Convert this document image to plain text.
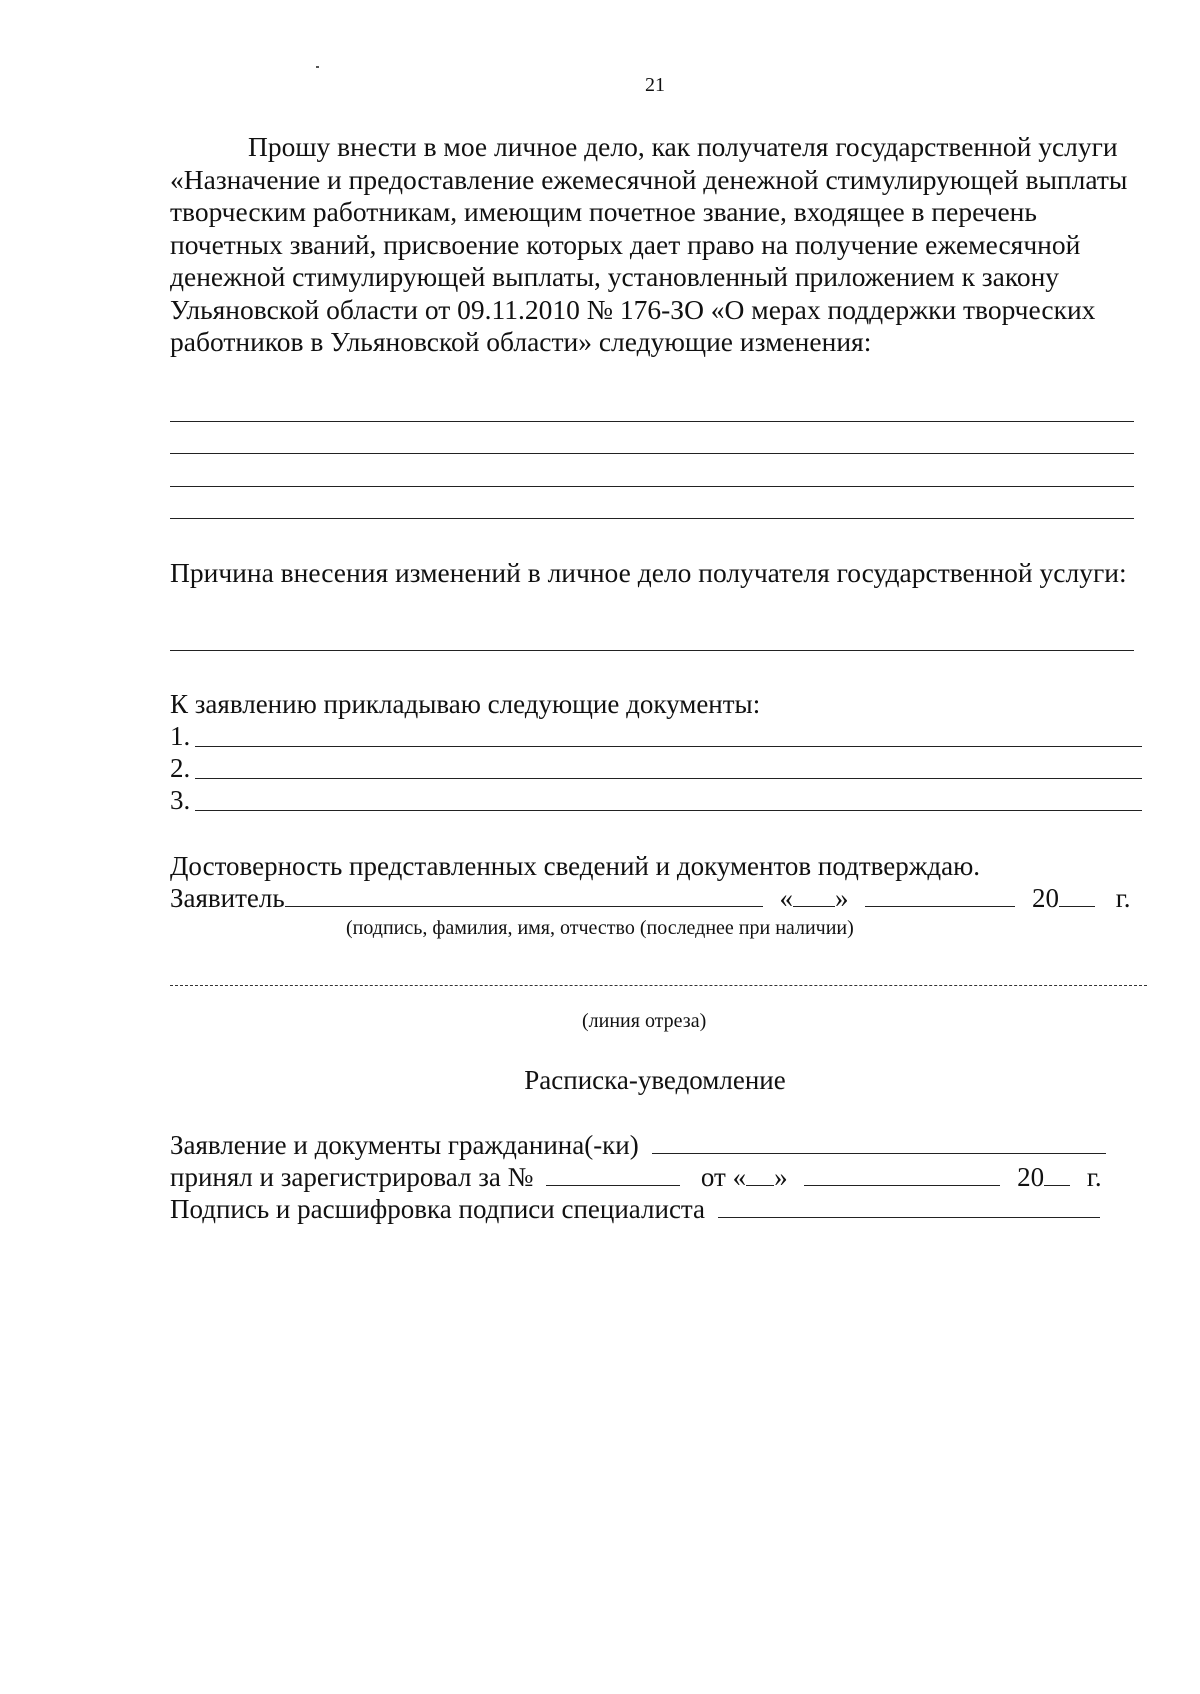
21
Прошу внести в мое личное дело, как получателя государственной услуги «Назначение и предоставление ежемесячной денежной стимулирующей выплаты творческим работникам, имеющим почетное звание, входящее в перечень почетных званий, присвоение которых дает право на получение ежемесячной денежной стимулирующей выплаты, установленный приложением к закону Ульяновской области от 09.11.2010 № 176-ЗО «О мерах поддержки творческих работников в Ульяновской области» следующие изменения:
Причина внесения изменений в личное дело получателя государственной услуги:
К заявлению прикладываю следующие документы:
1.
2.
3.
Достоверность представленных сведений и документов подтверждаю.
Заявитель	« »	20 г.
(подпись, фамилия, имя, отчество (последнее при наличии)
(линия отреза)
Расписка-уведомление
Заявление и документы гражданина(-ки)
принял и зарегистрировал за №	от « »	20 г.
Подпись и расшифровка подписи специалиста
